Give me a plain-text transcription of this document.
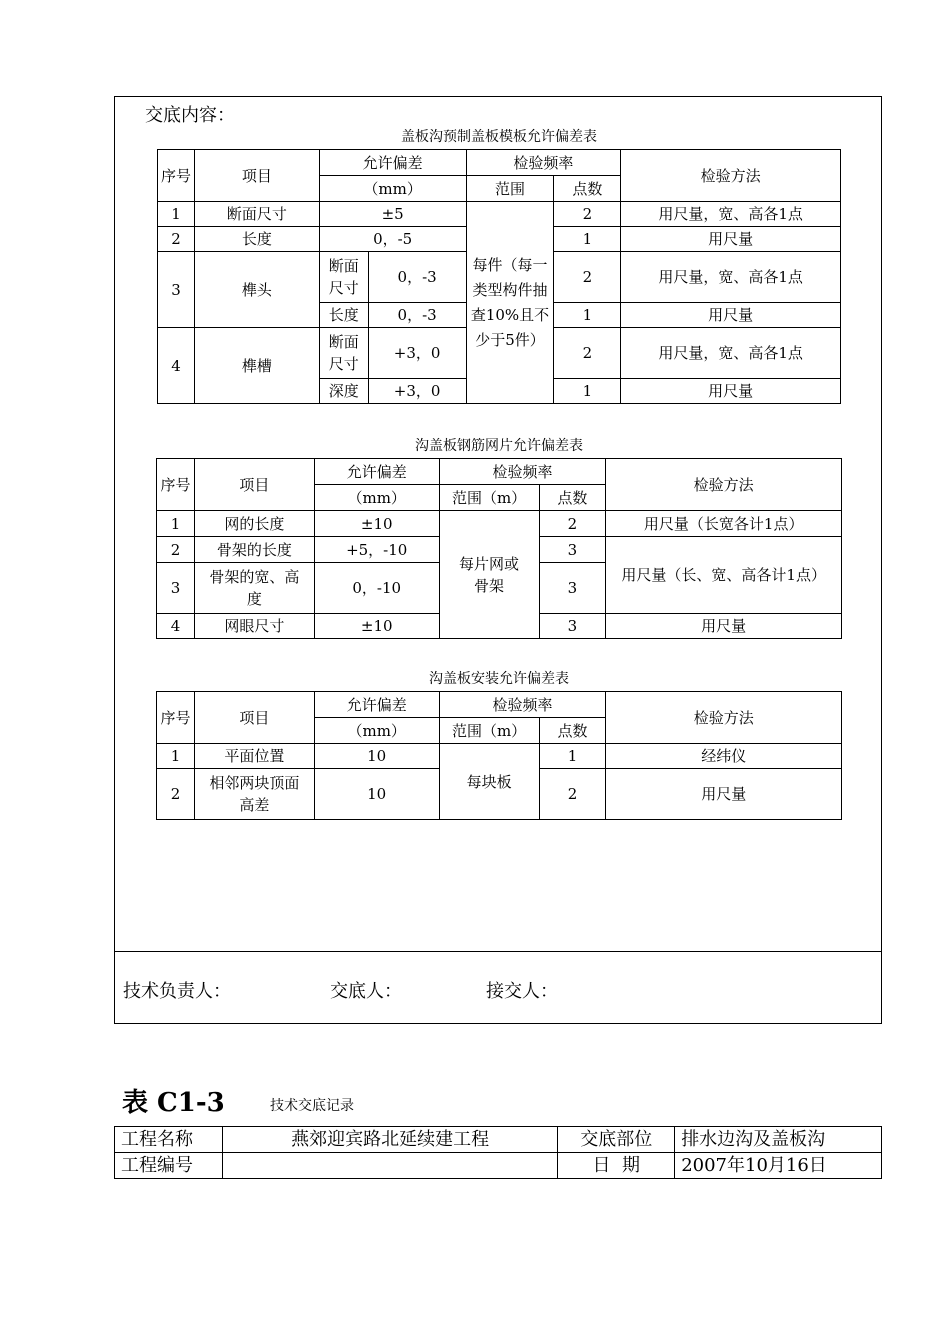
交底内容：
盖板沟预制盖板模板允许偏差表
序号	项目	允许偏差		检验频率		检验方法
		（mm）		范围	点数	
1	断面尺寸	±5		每件（每一类型构件抽查10%且不少于5件）	2	用尺量，宽、高各1点
2	长度	0，-5			1	用尺量
3	榫头	断面尺寸	0，-3		2	用尺量，宽、高各1点
		长度	0，-3		1	用尺量
4	榫槽	断面尺寸	+3，0		2	用尺量，宽、高各1点
		深度	+3，0		1	用尺量
沟盖板钢筋网片允许偏差表
序号	项目	允许偏差	检验频率		检验方法
		（mm）	范围（m）	点数	
1	网的长度	±10	每片网或骨架	2	用尺量（长宽各计1点）
2	骨架的长度	+5，-10		3	用尺量（长、宽、高各计1点）
3	骨架的宽、高度	0，-10		3	
4	网眼尺寸	±10		3	用尺量
沟盖板安装允许偏差表
序号	项目	允许偏差	检验频率		检验方法
		（mm）	范围（m）	点数	
1	平面位置	10	每块板	1	经纬仪
2	相邻两块顶面高差	10		2	用尺量
技术负责人：	交底人：	接交人：
表 C1-3	技术交底记录
工程名称	燕郊迎宾路北延续建工程	交底部位	排水边沟及盖板沟
工程编号		日  期	2007年10月16日
